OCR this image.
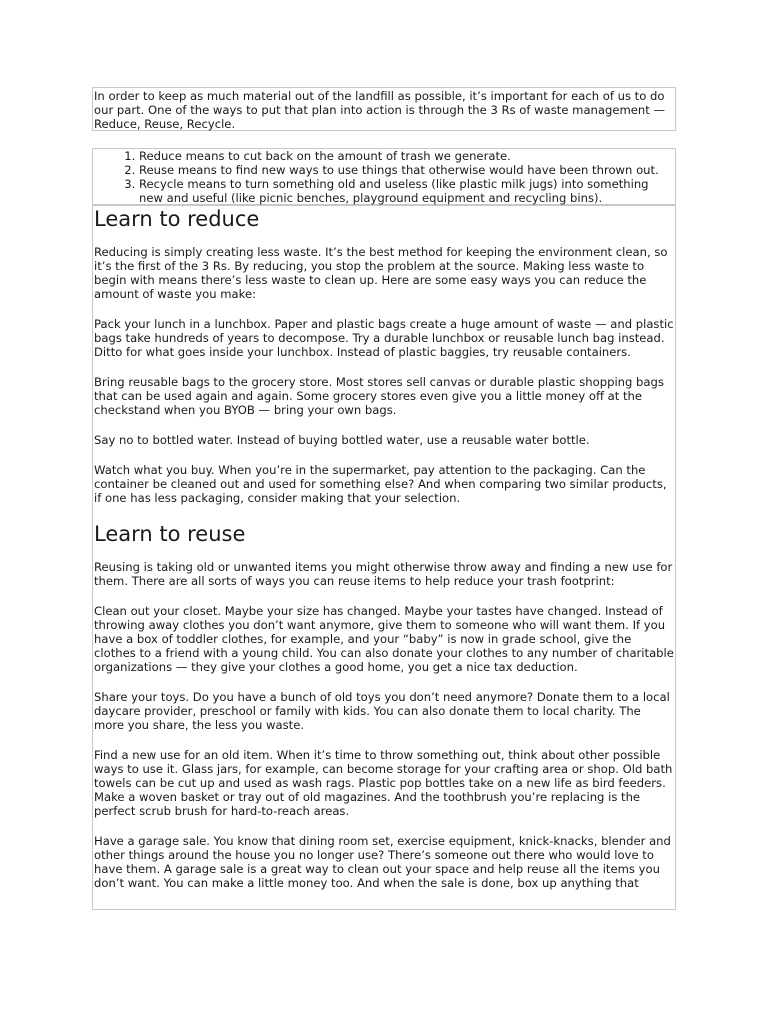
In order to keep as much material out of the landfill as possible, it’s important for each of us to do our part. One of the ways to put that plan into action is through the 3 Rs of waste management — Reduce, Reuse, Recycle.

1. Reduce means to cut back on the amount of trash we generate.
2. Reuse means to find new ways to use things that otherwise would have been thrown out.
3. Recycle means to turn something old and useless (like plastic milk jugs) into something new and useful (like picnic benches, playground equipment and recycling bins).
Learn to reduce

Reducing is simply creating less waste. It’s the best method for keeping the environment clean, so it’s the first of the 3 Rs. By reducing, you stop the problem at the source. Making less waste to begin with means there’s less waste to clean up. Here are some easy ways you can reduce the amount of waste you make:

Pack your lunch in a lunchbox. Paper and plastic bags create a huge amount of waste — and plastic bags take hundreds of years to decompose. Try a durable lunchbox or reusable lunch bag instead. Ditto for what goes inside your lunchbox. Instead of plastic baggies, try reusable containers.

Bring reusable bags to the grocery store. Most stores sell canvas or durable plastic shopping bags that can be used again and again. Some grocery stores even give you a little money off at the checkstand when you BYOB — bring your own bags.

Say no to bottled water. Instead of buying bottled water, use a reusable water bottle.

Watch what you buy. When you’re in the supermarket, pay attention to the packaging. Can the container be cleaned out and used for something else? And when comparing two similar products, if one has less packaging, consider making that your selection.

Learn to reuse

Reusing is taking old or unwanted items you might otherwise throw away and finding a new use for them. There are all sorts of ways you can reuse items to help reduce your trash footprint:

Clean out your closet. Maybe your size has changed. Maybe your tastes have changed. Instead of throwing away clothes you don’t want anymore, give them to someone who will want them. If you have a box of toddler clothes, for example, and your “baby” is now in grade school, give the clothes to a friend with a young child. You can also donate your clothes to any number of charitable organizations — they give your clothes a good home, you get a nice tax deduction.

Share your toys. Do you have a bunch of old toys you don’t need anymore? Donate them to a local daycare provider, preschool or family with kids. You can also donate them to local charity. The more you share, the less you waste.

Find a new use for an old item. When it’s time to throw something out, think about other possible ways to use it. Glass jars, for example, can become storage for your crafting area or shop. Old bath towels can be cut up and used as wash rags. Plastic pop bottles take on a new life as bird feeders. Make a woven basket or tray out of old magazines. And the toothbrush you’re replacing is the perfect scrub brush for hard-to-reach areas.

Have a garage sale. You know that dining room set, exercise equipment, knick-knacks, blender and other things around the house you no longer use? There’s someone out there who would love to have them. A garage sale is a great way to clean out your space and help reuse all the items you don’t want. You can make a little money too. And when the sale is done, box up anything that
